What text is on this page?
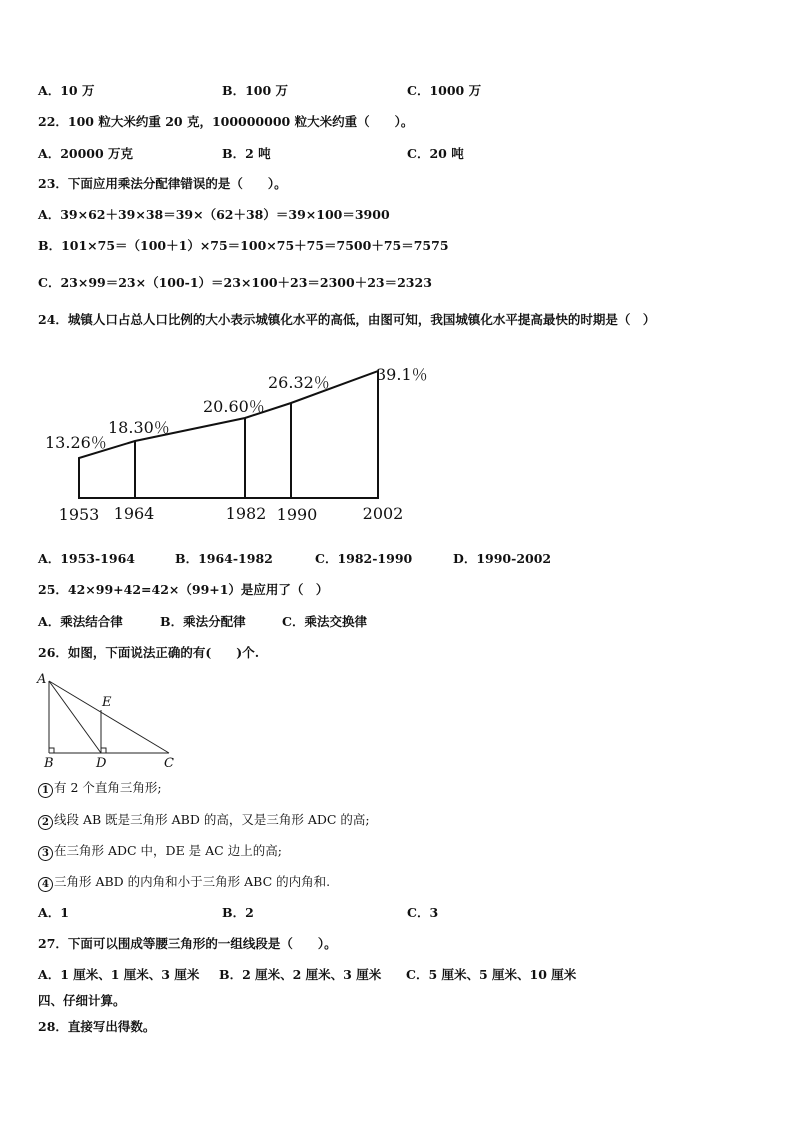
A．10 万	B．100 万	C．1000 万
22．100 粒大米约重 20 克，100000000 粒大米约重（　　）。
A．20000 万克	B．2 吨	C．20 吨
23．下面应用乘法分配律错误的是（　　）。
A．39×62＋39×38＝39×（62＋38）＝39×100＝3900
B．101×75＝（100＋1）×75＝100×75＋75＝7500＋75＝7575
C．23×99＝23×（100-1）＝23×100＋23＝2300＋23＝2323
24．城镇人口占总人口比例的大小表示城镇化水平的高低，由图可知，我国城镇化水平提高最快的时期是（　）
13.26％
18.30％
20.60％
26.32％	39.1％
1953 1964	1982 1990	2002
A．1953-1964	B．1964-1982	C．1982-1990	D．1990-2002
25．42×99+42=42×（99+1）是应用了（　）
A．乘法结合律	B．乘法分配律	C．乘法交换律
26．如图，下面说法正确的有(　　)个.
A
E
B	D	C
1 有 2 个直角三角形;
2 线段 AB 既是三角形 ABD 的高，又是三角形 ADC 的高;
3 在三角形 ADC 中，DE 是 AC 边上的高;
4 三角形 ABD 的内角和小于三角形 ABC 的内角和.
A．1	B．2	C．3
27．下面可以围成等腰三角形的一组线段是（　　）。
A．1 厘米、1 厘米、3 厘米 B．2 厘米、2 厘米、3 厘米 C．5 厘米、5 厘米、10 厘米
四、仔细计算。
28．直接写出得数。
